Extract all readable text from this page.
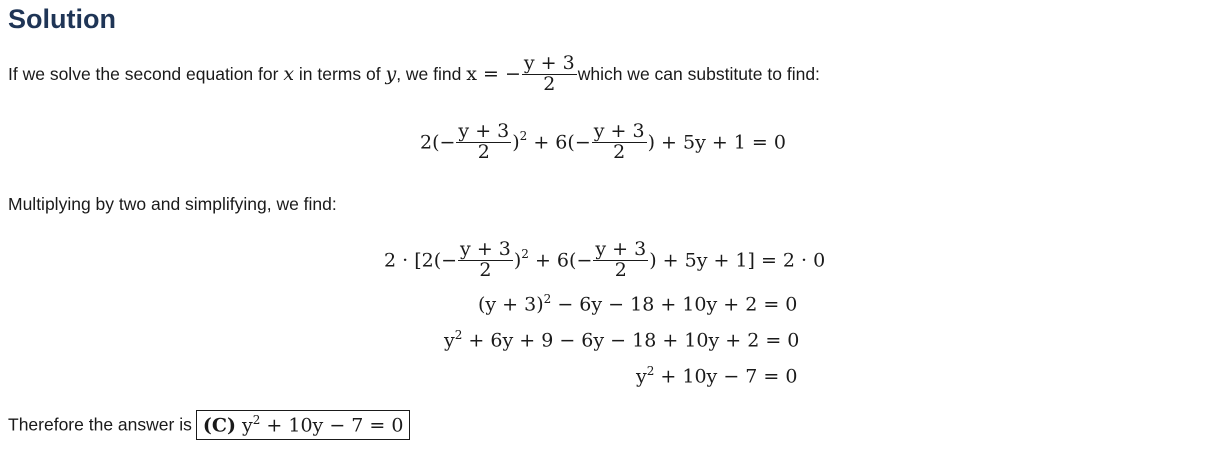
Solution
If we solve the second equation for x in terms of y, we find x = − $\frac{y + 3}{2}$ which we can substitute to find:
$2(- \frac{y + 3}{2} )^2 + 6(- \frac{y + 3}{2}$ ) + 5y + 1 = 0
Multiplying by two and simplifying, we find:
$2 \cdot [2(- \frac{y + 3}{2} )^2 + 6(- \frac{y + 3}{2}$ ) + 5y + 1] = 2 · 0
$(y + 3)^2 - 6y - 18 + 10y + 2 = 0$
$y^2 + 6y + 9 - 6y - 18 + 10y + 2 = 0$
$y^2 + 10y - 7 = 0$
Therefore the answer is (C) $y^2 + 10y - 7 = 0$
